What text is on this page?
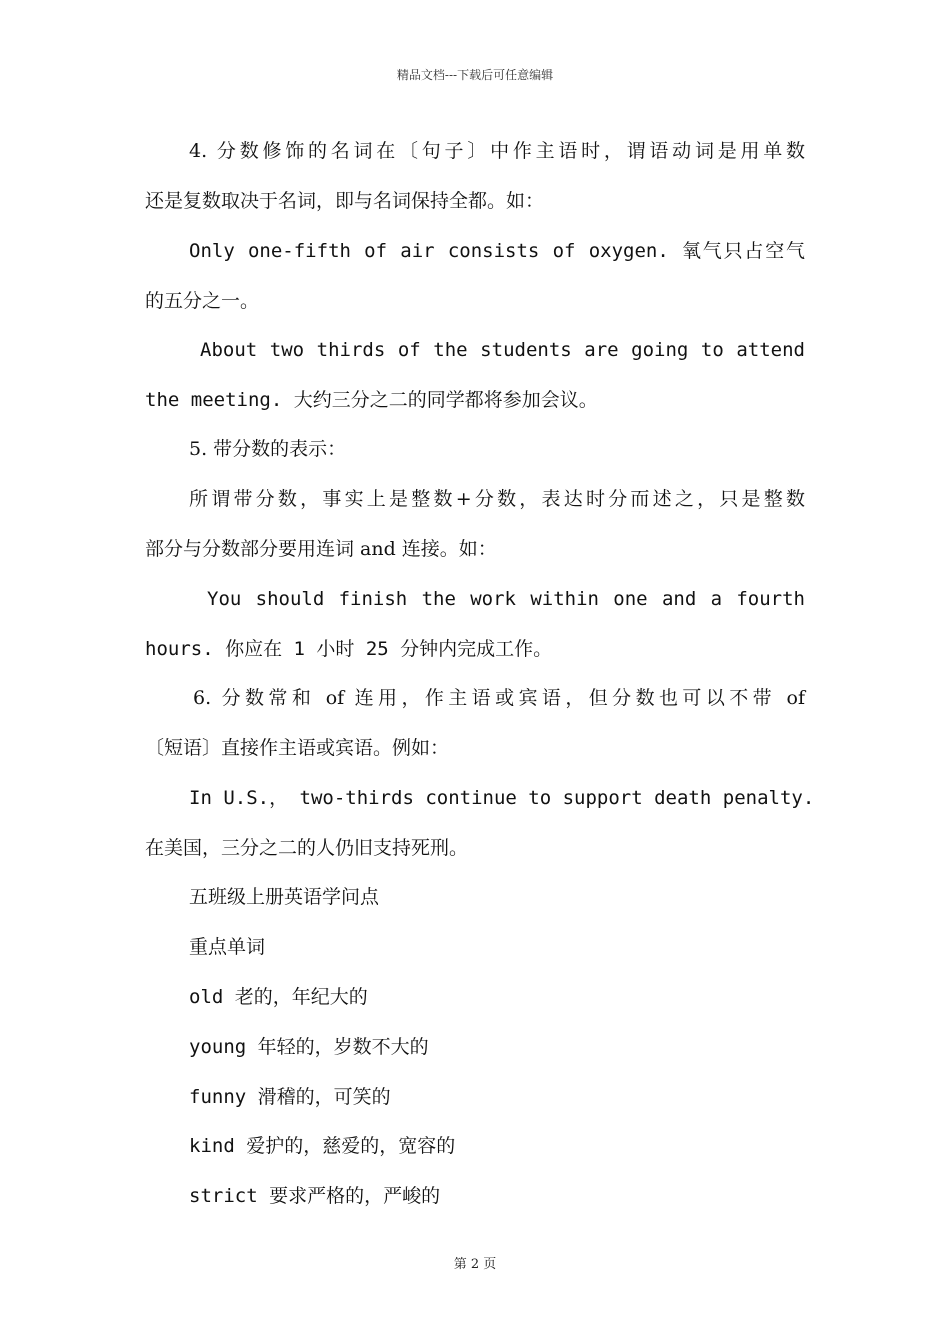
精品文档---下载后可任意编辑
4. 分数修饰的名词在〔句子〕中作主语时，谓语动词是用单数
还是复数取决于名词，即与名词保持全都。如：
Only one-fifth of air consists of oxygen. 氧气只占空气
的五分之一。
About two thirds of the students are going to attend
the meeting. 大约三分之二的同学都将参加会议。
5. 带分数的表示：
所谓带分数，事实上是整数+分数，表达时分而述之，只是整数
部分与分数部分要用连词 and 连接。如：
You should finish the work within one and a fourth
hours. 你应在 1 小时 25 分钟内完成工作。
6. 分数常和 of 连用，作主语或宾语，但分数也可以不带 of
〔短语〕直接作主语或宾语。例如：
In U.S.， two-thirds continue to support death penalty.
在美国，三分之二的人仍旧支持死刑。
五班级上册英语学问点
重点单词
old 老的，年纪大的
young 年轻的，岁数不大的
funny 滑稽的，可笑的
kind 爱护的，慈爱的，宽容的
strict 要求严格的，严峻的
第 2 页
